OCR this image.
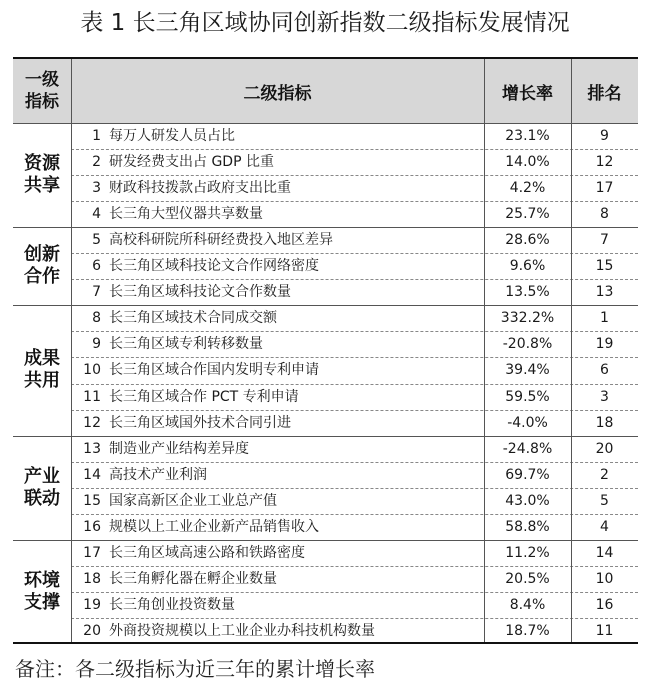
表 1 长三角区域协同创新指数二级指标发展情况
一级
指标	二级指标	增长率	排名
资源
共享
1 每万人研发人员占比	23.1%	9
2 研发经费支出占 GDP 比重	14.0%	12
3 财政科技拨款占政府支出比重	4.2%	17
4 长三角大型仪器共享数量	25.7%	8
创新
合作
5 高校科研院所科研经费投入地区差异	28.6%	7
6 长三角区域科技论文合作网络密度	9.6%	15
7 长三角区域科技论文合作数量	13.5%	13
成果
共用
8 长三角区域技术合同成交额	332.2%	1
9 长三角区域专利转移数量	-20.8%	19
10 长三角区域合作国内发明专利申请	39.4%	6
11 长三角区域合作 PCT 专利申请	59.5%	3
12 长三角区域国外技术合同引进	-4.0%	18
产业
联动
13 制造业产业结构差异度	-24.8%	20
14 高技术产业利润	69.7%	2
15 国家高新区企业工业总产值	43.0%	5
16 规模以上工业企业新产品销售收入	58.8%	4
环境
支撑
17 长三角区域高速公路和铁路密度	11.2%	14
18 长三角孵化器在孵企业数量	20.5%	10
19 长三角创业投资数量	8.4%	16
20 外商投资规模以上工业企业办科技机构数量	18.7%	11
备注：各二级指标为近三年的累计增长率
